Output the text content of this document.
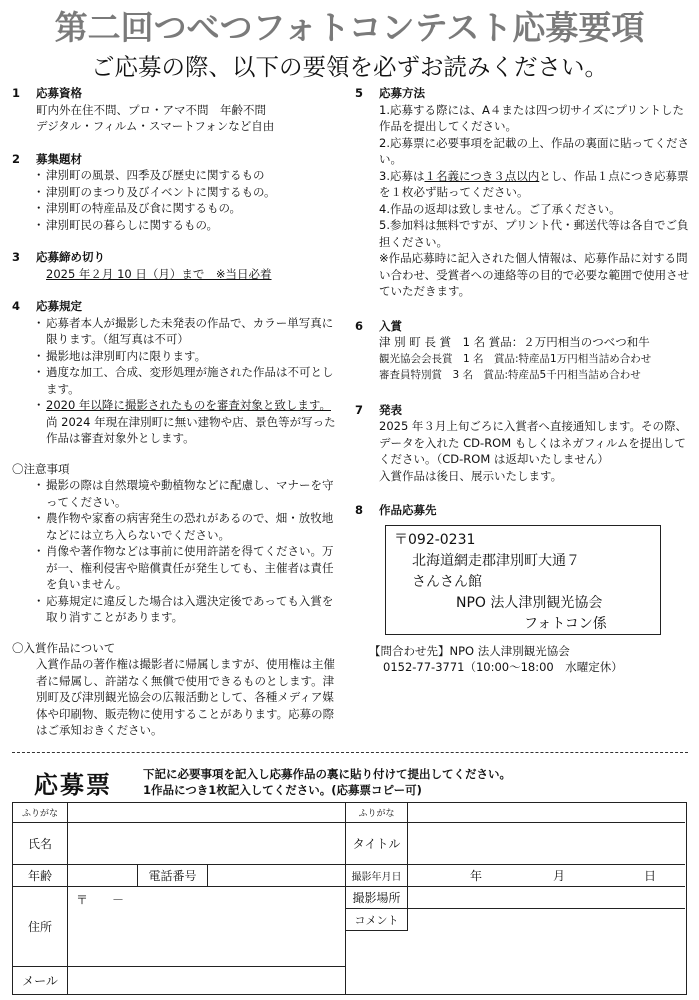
第二回つべつフォトコンテスト応募要項
ご応募の際、以下の要領を必ずお読みください。
1 応募資格
町内外在住不問、プロ・アマ不問　年齢不問
デジタル・フィルム・スマートフォンなど自由
2 募集題材
・ 津別町の風景、四季及び歴史に関するもの
・ 津別町のまつり及びイベントに関するもの。
・ 津別町の特産品及び食に関するもの。
・ 津別町民の暮らしに関するもの。
3 応募締め切り
2025 年２月 10 日（月）まで　※当日必着
4 応募規定
・ 応募者本人が撮影した未発表の作品で、カラー単写真に限ります。（組写真は不可）
・ 撮影地は津別町内に限ります。
・ 過度な加工、合成、変形処理が施された作品は不可とします。
・ 2020 年以降に撮影されたものを審査対象と致します。尚 2024 年現在津別町に無い建物や店、景色等が写った作品は審査対象外とします。
〇注意事項
・ 撮影の際は自然環境や動植物などに配慮し、マナーを守ってください。
・ 農作物や家畜の病害発生の恐れがあるので、畑・放牧地などには立ち入らないでください。
・ 肖像や著作物などは事前に使用許諾を得てください。万が一、権利侵害や賠償責任が発生しても、主催者は責任を負いません。
・ 応募規定に違反した場合は入選決定後であっても入賞を取り消すことがあります。
〇入賞作品について
入賞作品の著作権は撮影者に帰属しますが、使用権は主催者に帰属し、許諾なく無償で使用できるものとします。津別町及び津別観光協会の広報活動として、各種メディア媒体や印刷物、販売物に使用することがあります。応募の際はご承知おきください。
5 応募方法
1.応募する際には、A４または四つ切サイズにプリントした作品を提出してください。
2.応募票に必要事項を記載の上、作品の裏面に貼ってください。
3.応募は１名義につき３点以内とし、作品１点につき応募票を１枚必ず貼ってください。
4.作品の返却は致しません。ご了承ください。
5.参加料は無料ですが、プリント代・郵送代等は各自でご負担ください。
※作品応募時に記入された個人情報は、応募作品に対する問い合わせ、受賞者への連絡等の目的で必要な範囲で使用させていただきます。
6 入賞
津 別 町 長 賞　1 名 賞品：２万円相当のつべつ和牛
観光協会会長賞　1 名　賞品:特産品1万円相当詰め合わせ
審査員特別賞　3 名　賞品:特産品5千円相当詰め合わせ
7 発表
2025 年３月上旬ごろに入賞者へ直接通知します。その際、データを入れた CD-ROM もしくはネガフィルムを提出してください。（CD-ROM は返却いたしません）
入賞作品は後日、展示いたします。
8 作品応募先
〒092-0231
北海道網走郡津別町大通７
さんさん館
NPO 法人津別観光協会
フォトコン係
【問合わせ先】NPO 法人津別観光協会
0152-77-3771（10:00～18:00　水曜定休）
応募票	下記に必要事項を記入し応募作品の裏に貼り付けて提出してください。
1作品につき1枚記入してください。(応募票コピー可)
ふりがな
氏名
年齢	電話番号
住所
〒　　－
メール
ふりがな
タイトル
撮影年月日	年	月	日
撮影場所
コメント
